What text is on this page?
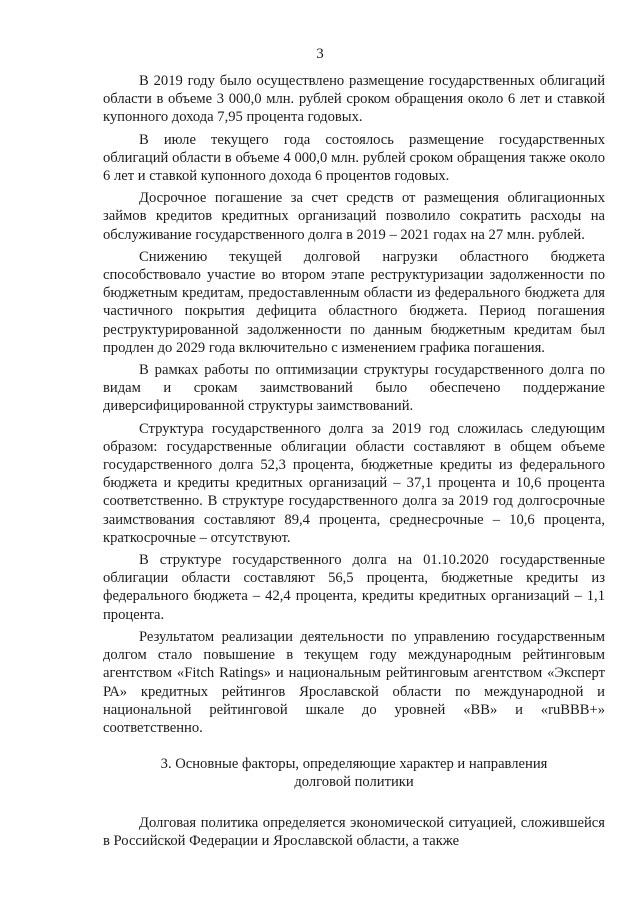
3

В 2019 году было осуществлено размещение государственных облигаций области в объеме 3 000,0 млн. рублей сроком обращения около 6 лет и ставкой купонного дохода 7,95 процента годовых.

В июле текущего года состоялось размещение государственных облигаций области в объеме 4 000,0 млн. рублей сроком обращения также около 6 лет и ставкой купонного дохода 6 процентов годовых.

Досрочное погашение за счет средств от размещения облигационных займов кредитов кредитных организаций позволило сократить расходы на обслуживание государственного долга в 2019 – 2021 годах на 27 млн. рублей.

Снижению текущей долговой нагрузки областного бюджета способствовало участие во втором этапе реструктуризации задолженности по бюджетным кредитам, предоставленным области из федерального бюджета для частичного покрытия дефицита областного бюджета. Период погашения реструктурированной задолженности по данным бюджетным кредитам был продлен до 2029 года включительно с изменением графика погашения.

В рамках работы по оптимизации структуры государственного долга по видам и срокам заимствований было обеспечено поддержание диверсифицированной структуры заимствований.

Структура государственного долга за 2019 год сложилась следующим образом: государственные облигации области составляют в общем объеме государственного долга 52,3 процента, бюджетные кредиты из федерального бюджета и кредиты кредитных организаций – 37,1 процента и 10,6 процента соответственно. В структуре государственного долга за 2019 год долгосрочные заимствования составляют 89,4 процента, среднесрочные – 10,6 процента, краткосрочные – отсутствуют.

В структуре государственного долга на 01.10.2020 государственные облигации области составляют 56,5 процента, бюджетные кредиты из федерального бюджета – 42,4 процента, кредиты кредитных организаций – 1,1 процента.

Результатом реализации деятельности по управлению государственным долгом стало повышение в текущем году международным рейтинговым агентством «Fitch Ratings» и национальным рейтинговым агентством «Эксперт РА» кредитных рейтингов Ярославской области по международной и национальной рейтинговой шкале до уровней «BB» и «ruBBB+» соответственно.

3. Основные факторы, определяющие характер и направления
долговой политики

Долговая политика определяется экономической ситуацией, сложившейся в Российской Федерации и Ярославской области, а также
